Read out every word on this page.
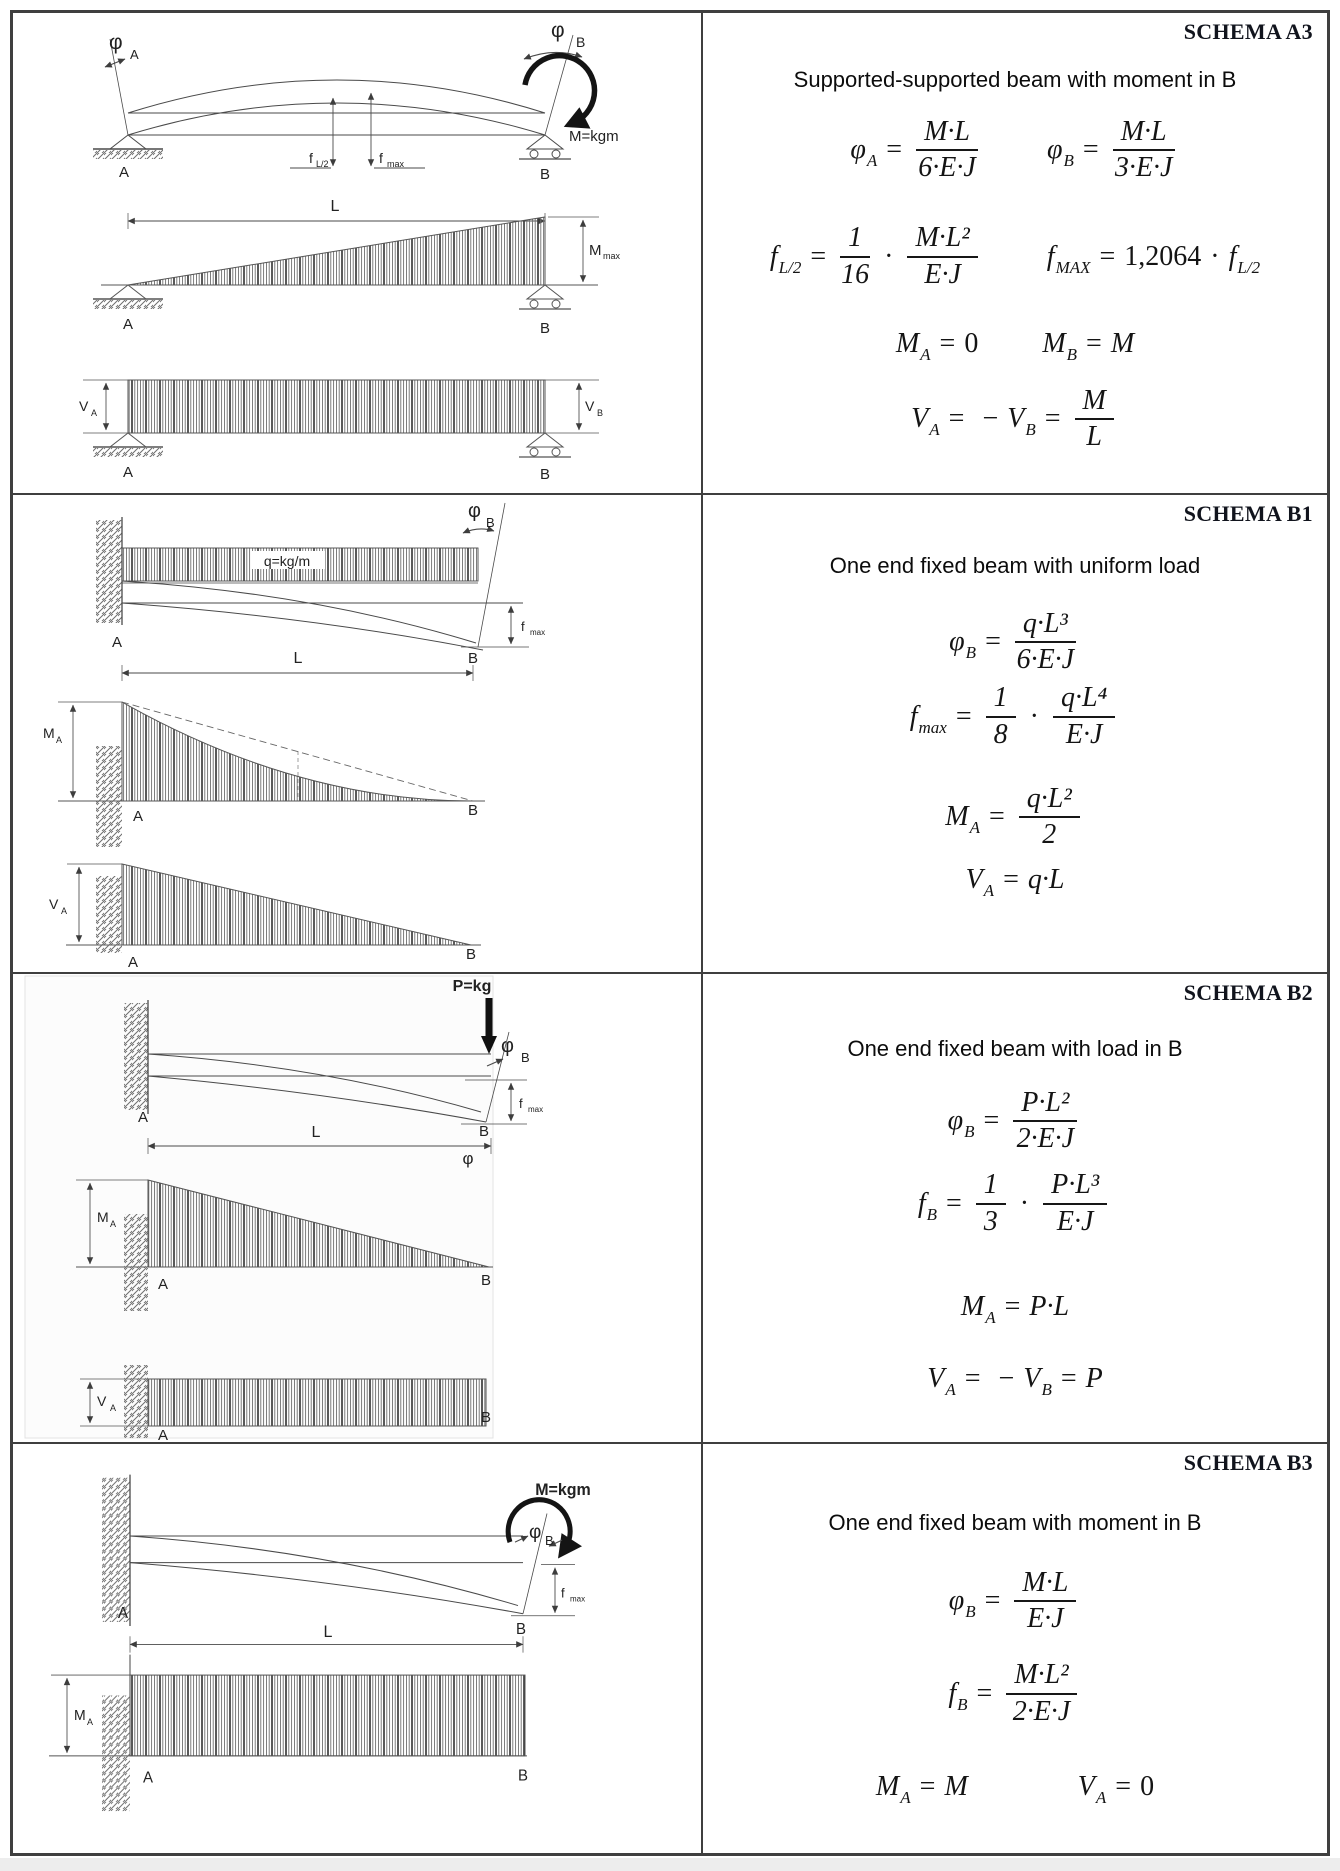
φ
A
φ B
f L/2	f max
M=kgm
A	B
L
M max
A	B
V A	V B
A	B
SCHEMA A3
Supported-supported beam with moment in B
φ $A = \frac{M\cdot L}{6\cdot E\cdot J}$ φ $B = \frac{M\cdot L}{3\cdot E\cdot J}$
f $L/2 = \frac{1}{16} \cdot \frac{\text{M·L²}}{E\cdot J}$ f MAX = 1,2064 · f L/2
M A = 0 M B = M
V A = − V $B = \frac{M}{L}$
q=kg/m
φ
B
f max
A
B
L
M A
A	B
V A
A	B
SCHEMA B1
One end fixed beam with uniform load
φ $B = \frac{\text{q·L³}}{6\cdot E\cdot J}$
f $\max = \frac{1}{8} \cdot \frac{\text{q·L⁴}}{E\cdot J}$
M $A = \frac{\text{q·L²}}{2}$
V A = q·L
P=kg
φ
B
f max
A
B
L
φ
M A
A	B
V A
A
B
SCHEMA B2
One end fixed beam with load in B
φ $B = \frac{\text{P·L²}}{2\cdot E\cdot J}$
f $B = \frac{1}{3} \cdot \frac{\text{P·L³}}{E\cdot J}$
M A = P·L
V A = − V B = P
M=kgm
φ B
f max
A
B
L
M A
A	B
SCHEMA B3
One end fixed beam with moment in B
φ $B = \frac{M\cdot L}{E\cdot J}$
f $B = \frac{\text{M·L²}}{2\cdot E\cdot J}$
M A = M	V A = 0
